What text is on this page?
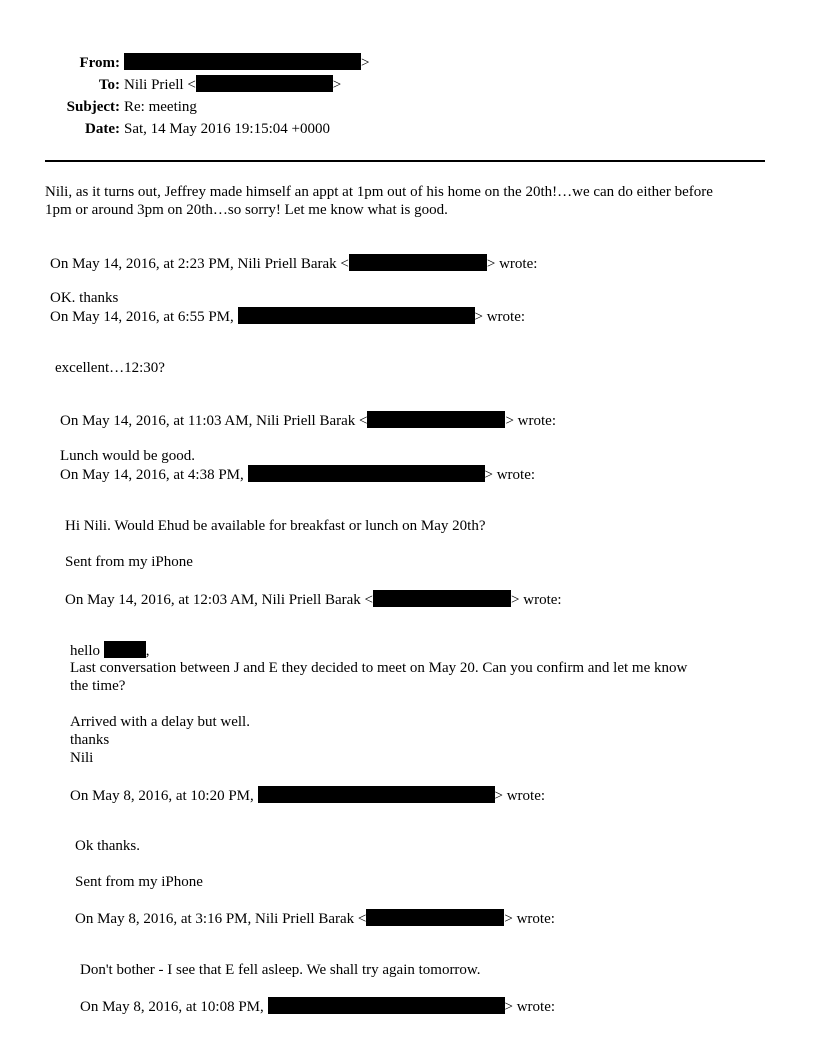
From:	>
To: Nili Priell <	>
Subject: Re: meeting
Date: Sat, 14 May 2016 19:15:04 +0000
Nili, as it turns out, Jeffrey made himself an appt at 1pm out of his home on the 20th!…we can do either before
1pm or around 3pm on 20th…so sorry! Let me know what is good.
On May 14, 2016, at 2:23 PM, Nili Priell Barak <	> wrote:
OK. thanks
On May 14, 2016, at 6:55 PM,	> wrote:
excellent…12:30?
On May 14, 2016, at 11:03 AM, Nili Priell Barak <	> wrote:
Lunch would be good.
On May 14, 2016, at 4:38 PM,	> wrote:
Hi Nili. Would Ehud be available for breakfast or lunch on May 20th?
Sent from my iPhone
On May 14, 2016, at 12:03 AM, Nili Priell Barak <	> wrote:
hello	,
Last conversation between J and E they decided to meet on May 20. Can you confirm and let me know
the time?
Arrived with a delay but well.
thanks
Nili
On May 8, 2016, at 10:20 PM,	> wrote:
Ok thanks.
Sent from my iPhone
On May 8, 2016, at 3:16 PM, Nili Priell Barak <	> wrote:
Don't bother - I see that E fell asleep. We shall try again tomorrow.
On May 8, 2016, at 10:08 PM,	> wrote:
